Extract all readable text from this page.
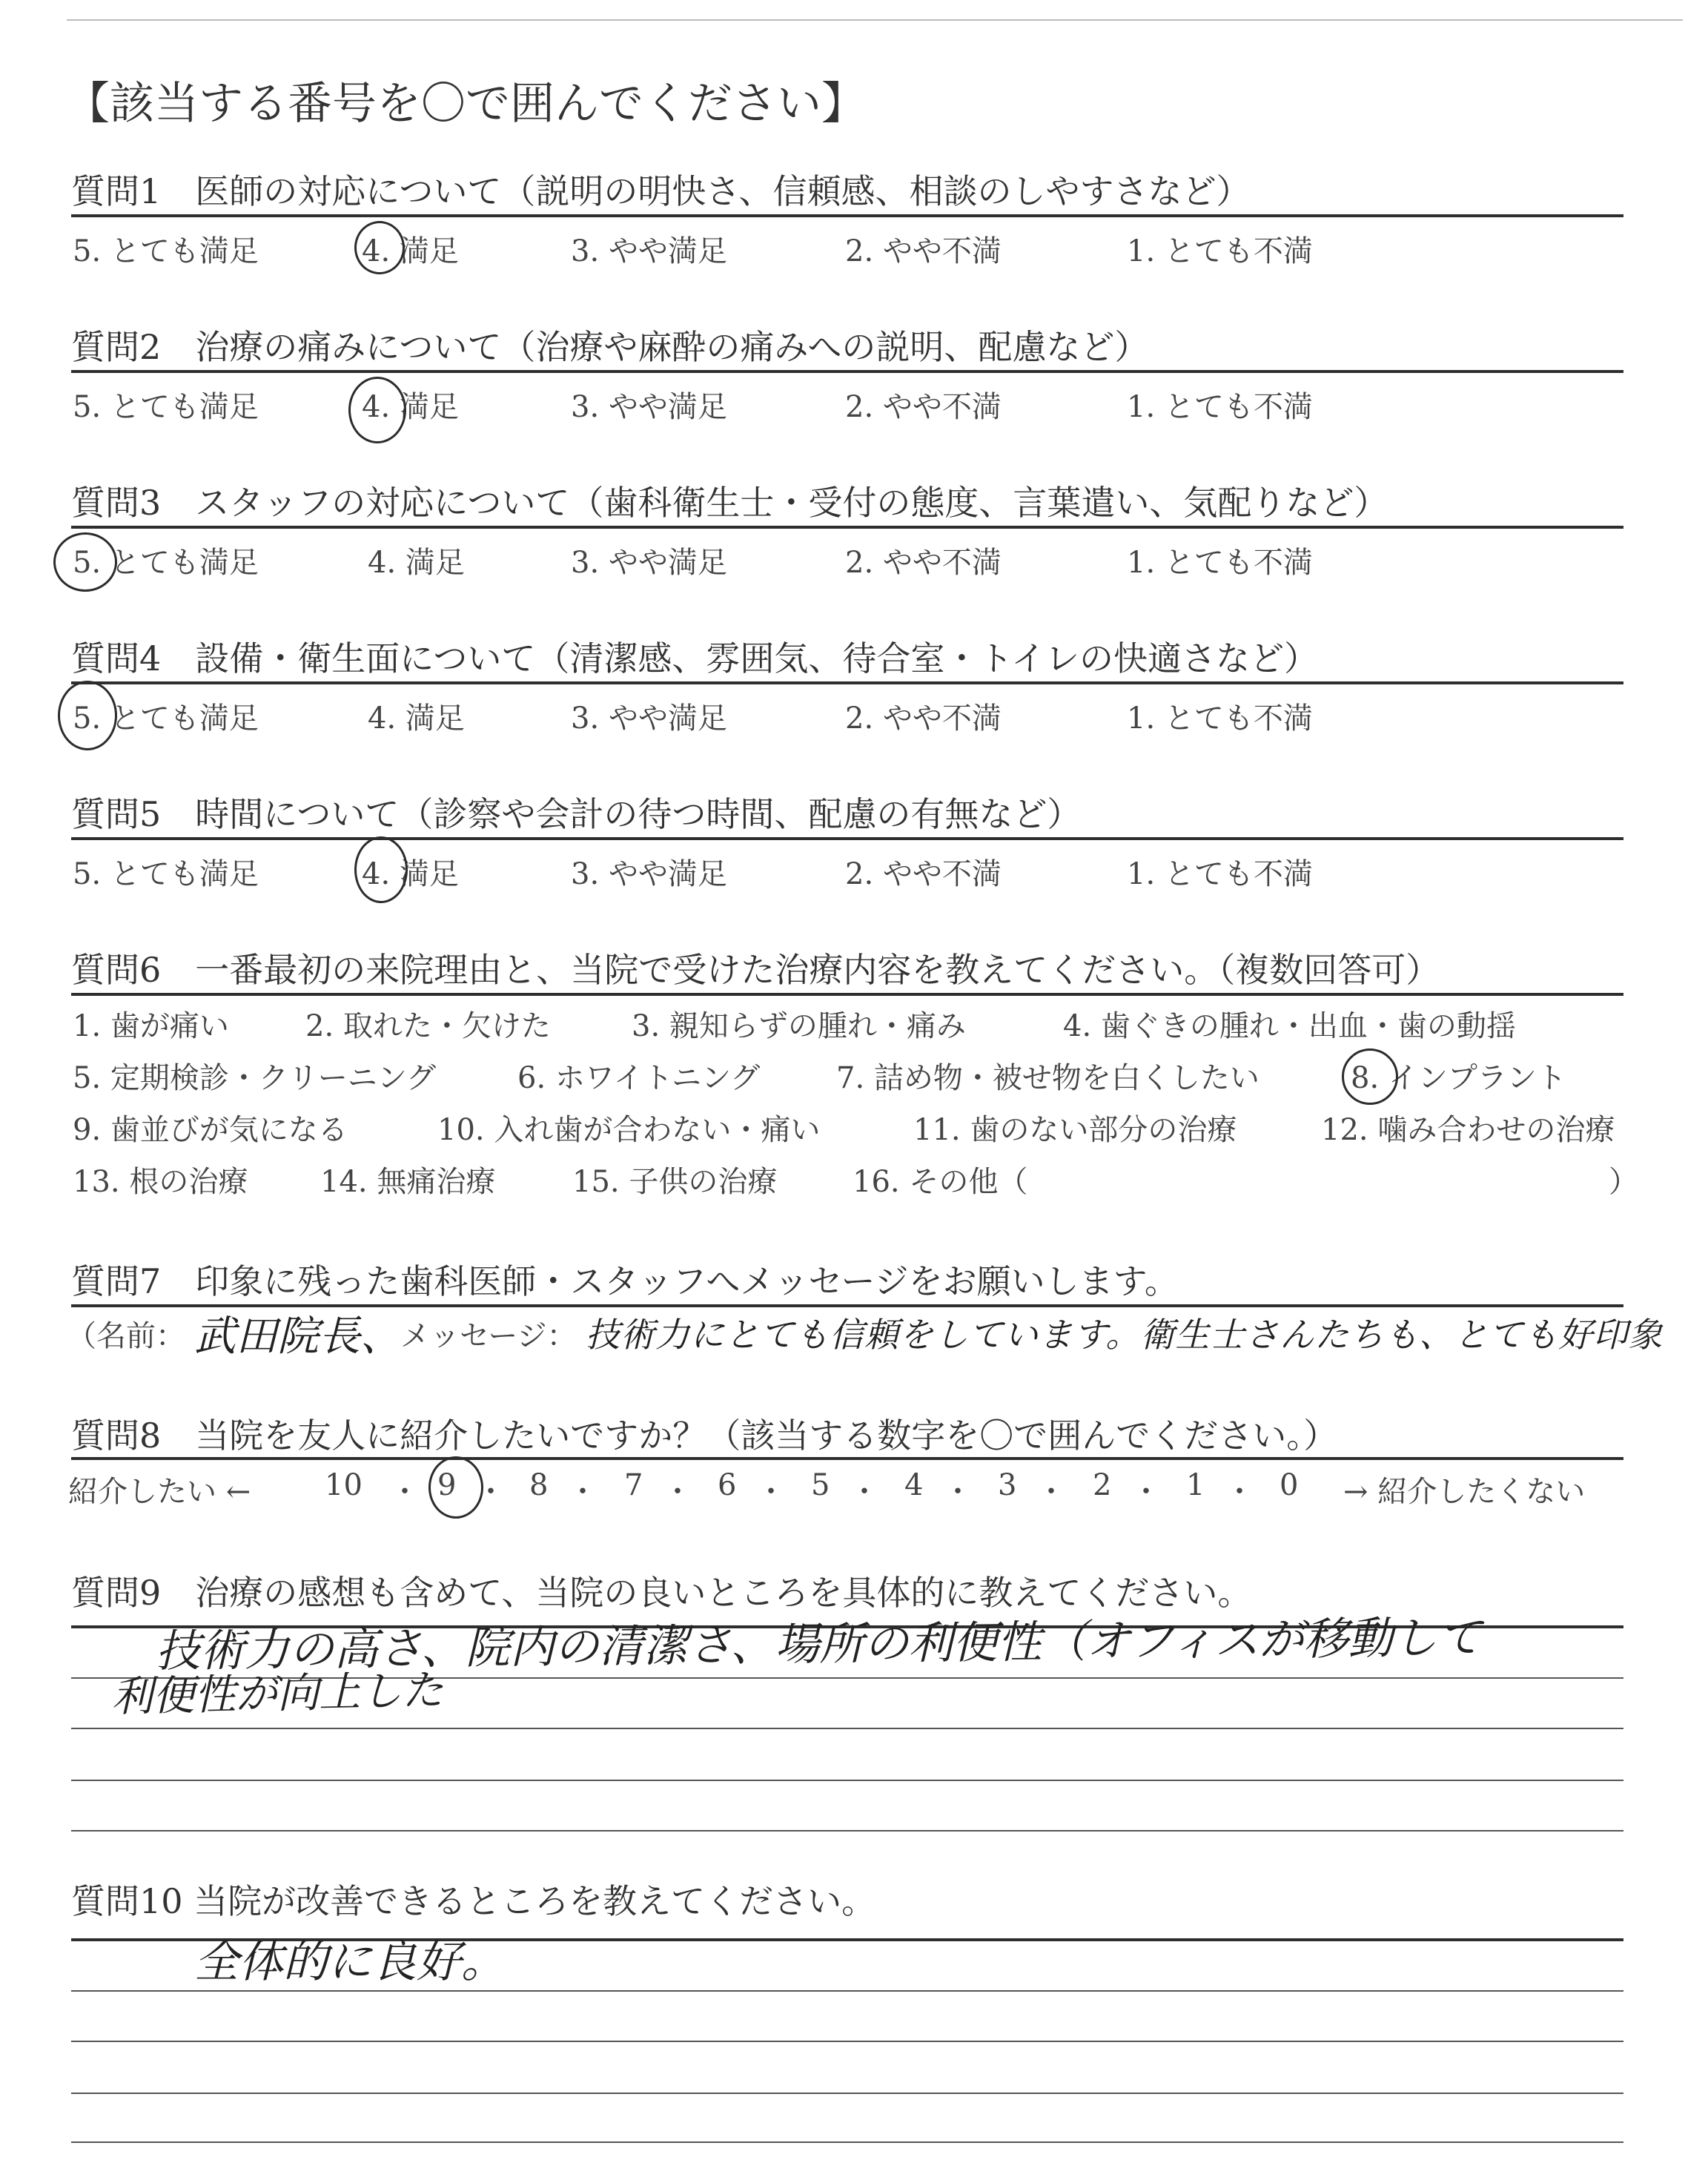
【該当する番号を〇で囲んでください】
質問1　医師の対応について（説明の明快さ、信頼感、相談のしやすさなど）
5. とても満足	4. 満足	3. やや満足	2. やや不満	1. とても不満
質問2　治療の痛みについて（治療や麻酔の痛みへの説明、配慮など）
5. とても満足	4. 満足	3. やや満足	2. やや不満	1. とても不満
質問3　スタッフの対応について（歯科衛生士・受付の態度、言葉遣い、気配りなど）
5. とても満足	4. 満足	3. やや満足	2. やや不満	1. とても不満
質問4　設備・衛生面について（清潔感、雰囲気、待合室・トイレの快適さなど）
5. とても満足	4. 満足	3. やや満足	2. やや不満	1. とても不満
質問5　時間について（診察や会計の待つ時間、配慮の有無など）
5. とても満足	4. 満足	3. やや満足	2. やや不満	1. とても不満
質問6　一番最初の来院理由と、当院で受けた治療内容を教えてください。（複数回答可）
1. 歯が痛い	2. 取れた・欠けた	3. 親知らずの腫れ・痛み	4. 歯ぐきの腫れ・出血・歯の動揺
5. 定期検診・クリーニング	6. ホワイトニング	7. 詰め物・被せ物を白くしたい	8. インプラント
9. 歯並びが気になる	10. 入れ歯が合わない・痛い	11. 歯のない部分の治療	12. 噛み合わせの治療
13. 根の治療 14. 無痛治療	15. 子供の治療	16. その他（	）
質問7　印象に残った歯科医師・スタッフへメッセージをお願いします。
（名前： 武田院長、
メッセージ： 技術力にとても信頼をしています。衛生士さんたちも、とても好印象
質問8　当院を友人に紹介したいですか？（該当する数字を〇で囲んでください。）
紹介したい ← 10 ・ 9 ・ 8 ・ 7 ・ 6 ・ 5 ・ 4 ・ 3 ・ 2 ・ 1 ・ 0 → 紹介したくない
質問9　治療の感想も含めて、当院の良いところを具体的に教えてください。
技術力の高さ、院内の清潔さ、場所の利便性（オフィスが移動して
利便性が向上した
質問10 当院が改善できるところを教えてください。
全体的に良好。
